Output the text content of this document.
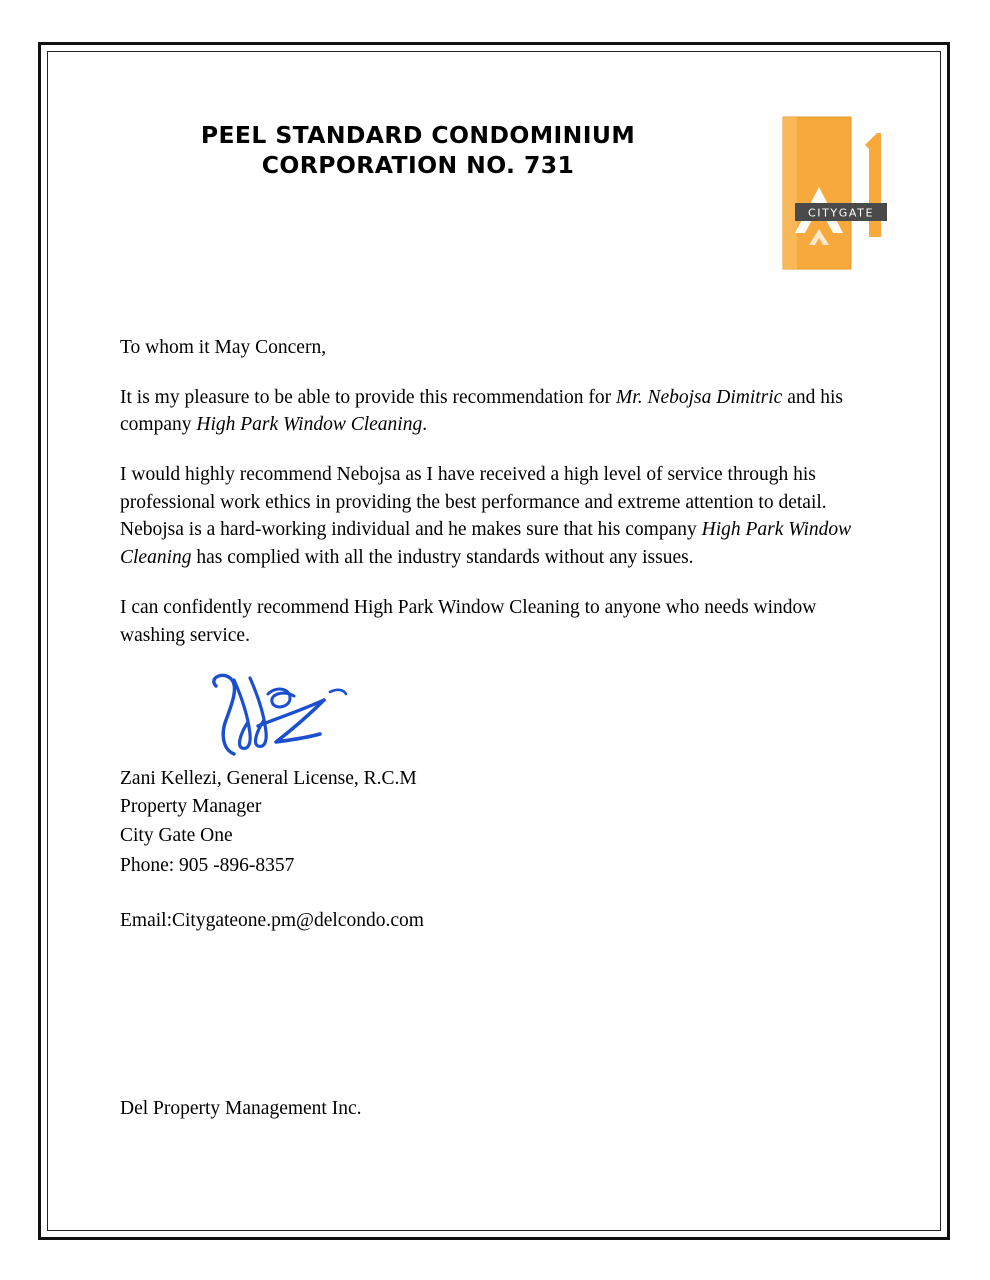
PEEL STANDARD CONDOMINIUM
CORPORATION NO. 731
CITYGATE

To whom it May Concern,

It is my pleasure to be able to provide this recommendation for Mr. Nebojsa Dimitric and his company High Park Window Cleaning.

I would highly recommend Nebojsa as I have received a high level of service through his professional work ethics in providing the best performance and extreme attention to detail. Nebojsa is a hard-working individual and he makes sure that his company High Park Window Cleaning has complied with all the industry standards without any issues.

I can confidently recommend High Park Window Cleaning to anyone who needs window washing service.

Zani Kellezi, General License, R.C.M
Property Manager
City Gate One
Phone: 905 -896-8357
Email:Citygateone.pm@delcondo.com
Del Property Management Inc.
